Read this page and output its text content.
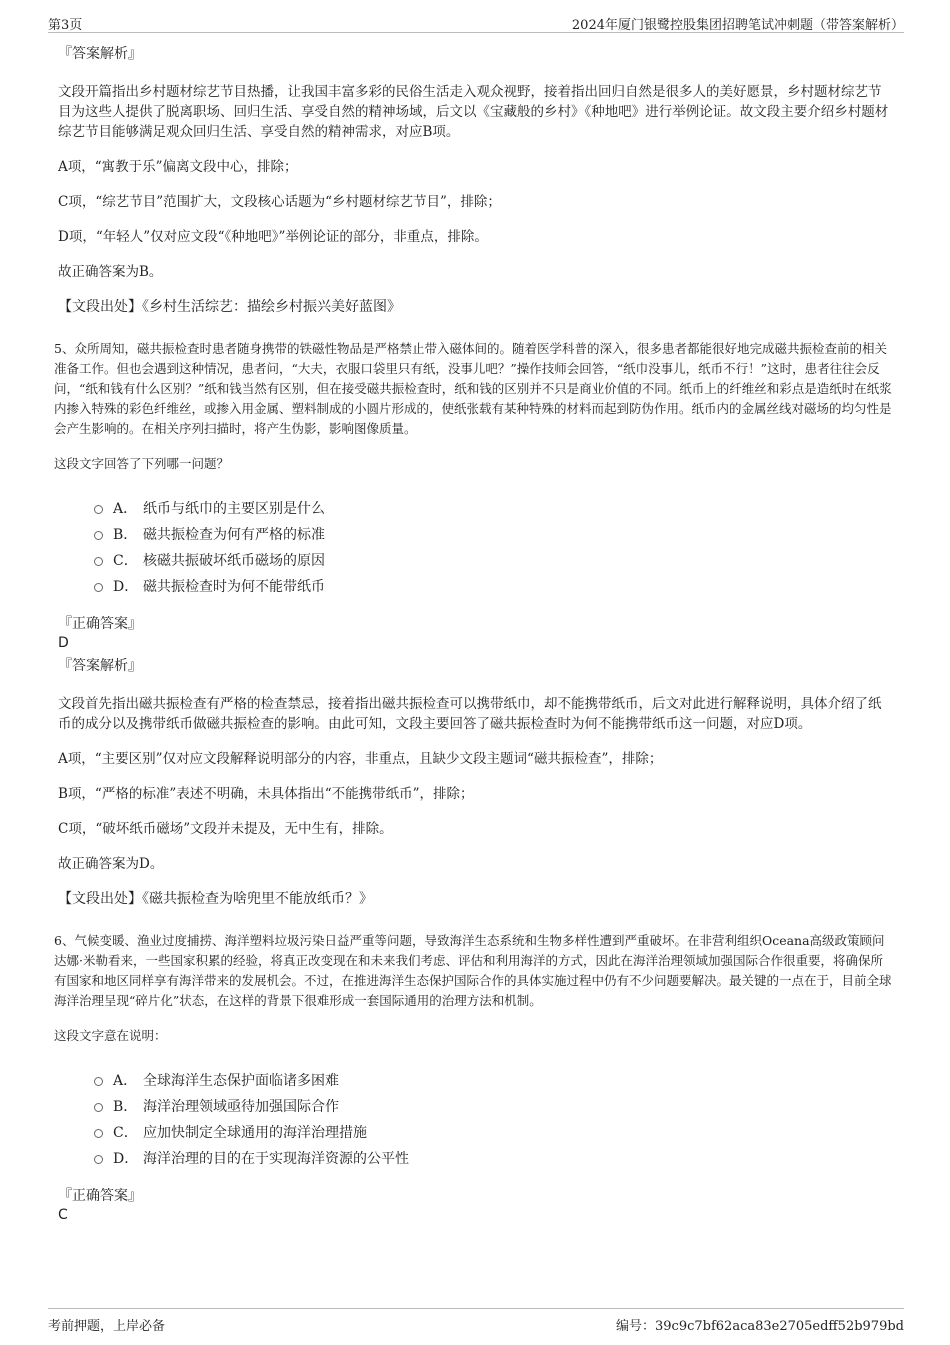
第3页	2024年厦门银鹭控股集团招聘笔试冲刺题（带答案解析）
『答案解析』
文段开篇指出乡村题材综艺节目热播，让我国丰富多彩的民俗生活走入观众视野，接着指出回归自然是很多人的美好愿景，乡村题材综艺节目为这些人提供了脱离职场、回归生活、享受自然的精神场域，后文以《宝藏般的乡村》《种地吧》进行举例论证。故文段主要介绍乡村题材综艺节目能够满足观众回归生活、享受自然的精神需求，对应B项。
A项，“寓教于乐”偏离文段中心，排除；
C项，“综艺节目”范围扩大，文段核心话题为“乡村题材综艺节目”，排除；
D项，“年轻人”仅对应文段“《种地吧》”举例论证的部分，非重点，排除。
故正确答案为B。
【文段出处】《乡村生活综艺：描绘乡村振兴美好蓝图》
5、众所周知，磁共振检查时患者随身携带的铁磁性物品是严格禁止带入磁体间的。随着医学科普的深入，很多患者都能很好地完成磁共振检查前的相关准备工作。但也会遇到这种情况，患者问，“大夫，衣服口袋里只有纸，没事儿吧？”操作技师会回答，“纸巾没事儿，纸币不行！”这时，患者往往会反问，“纸和钱有什么区别？”纸和钱当然有区别，但在接受磁共振检查时，纸和钱的区别并不只是商业价值的不同。纸币上的纤维丝和彩点是造纸时在纸浆内掺入特殊的彩色纤维丝，或掺入用金属、塑料制成的小圆片形成的，使纸张载有某种特殊的材料而起到防伪作用。纸币内的金属丝线对磁场的均匀性是会产生影响的。在相关序列扫描时，将产生伪影，影响图像质量。
这段文字回答了下列哪一问题？
A． 纸币与纸巾的主要区别是什么
B． 磁共振检查为何有严格的标准
C． 核磁共振破坏纸币磁场的原因
D． 磁共振检查时为何不能带纸币
『正确答案』
D
『答案解析』
文段首先指出磁共振检查有严格的检查禁忌，接着指出磁共振检查可以携带纸巾，却不能携带纸币，后文对此进行解释说明，具体介绍了纸币的成分以及携带纸币做磁共振检查的影响。由此可知，文段主要回答了磁共振检查时为何不能携带纸币这一问题，对应D项。
A项，“主要区别”仅对应文段解释说明部分的内容，非重点，且缺少文段主题词“磁共振检查”，排除；
B项，“严格的标准”表述不明确，未具体指出“不能携带纸币”，排除；
C项，“破坏纸币磁场”文段并未提及，无中生有，排除。
故正确答案为D。
【文段出处】《磁共振检查为啥兜里不能放纸币？》
6、气候变暖、渔业过度捕捞、海洋塑料垃圾污染日益严重等问题，导致海洋生态系统和生物多样性遭到严重破坏。在非营利组织Oceana高级政策顾问达娜·米勒看来，一些国家积累的经验，将真正改变现在和未来我们考虑、评估和利用海洋的方式，因此在海洋治理领域加强国际合作很重要，将确保所有国家和地区同样享有海洋带来的发展机会。不过，在推进海洋生态保护国际合作的具体实施过程中仍有不少问题要解决。最关键的一点在于，目前全球海洋治理呈现“碎片化”状态，在这样的背景下很难形成一套国际通用的治理方法和机制。
这段文字意在说明：
A． 全球海洋生态保护面临诸多困难
B． 海洋治理领域亟待加强国际合作
C． 应加快制定全球通用的海洋治理措施
D． 海洋治理的目的在于实现海洋资源的公平性
『正确答案』
C
考前押题，上岸必备	编号：39c9c7bf62aca83e2705edff52b979bd
